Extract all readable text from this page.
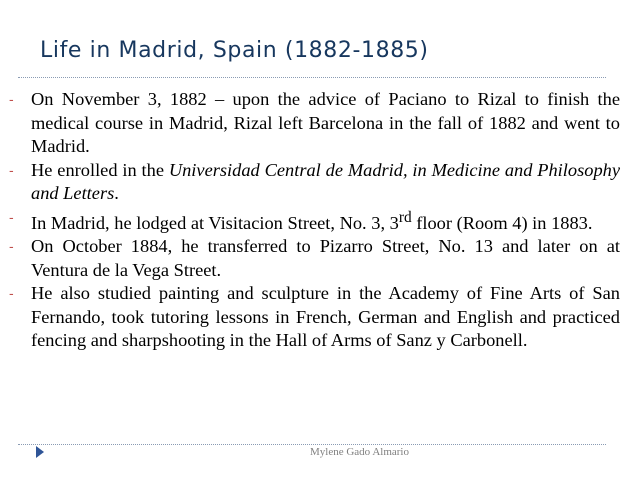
Life in Madrid, Spain (1882-1885)
- On November 3, 1882 – upon the advice of Paciano to Rizal to finish the medical course in Madrid, Rizal left Barcelona in the fall of 1882 and went to Madrid.
- He enrolled in the Universidad Central de Madrid, in Medicine and Philosophy and Letters.
- In Madrid, he lodged at Visitacion Street, No. 3, 3rd floor (Room 4) in 1883.
- On October 1884, he transferred to Pizarro Street, No. 13 and later on at Ventura de la Vega Street.
- He also studied painting and sculpture in the Academy of Fine Arts of San Fernando, took tutoring lessons in French, German and English and practiced fencing and sharpshooting in the Hall of Arms of Sanz y Carbonell.
Mylene Gado Almario
